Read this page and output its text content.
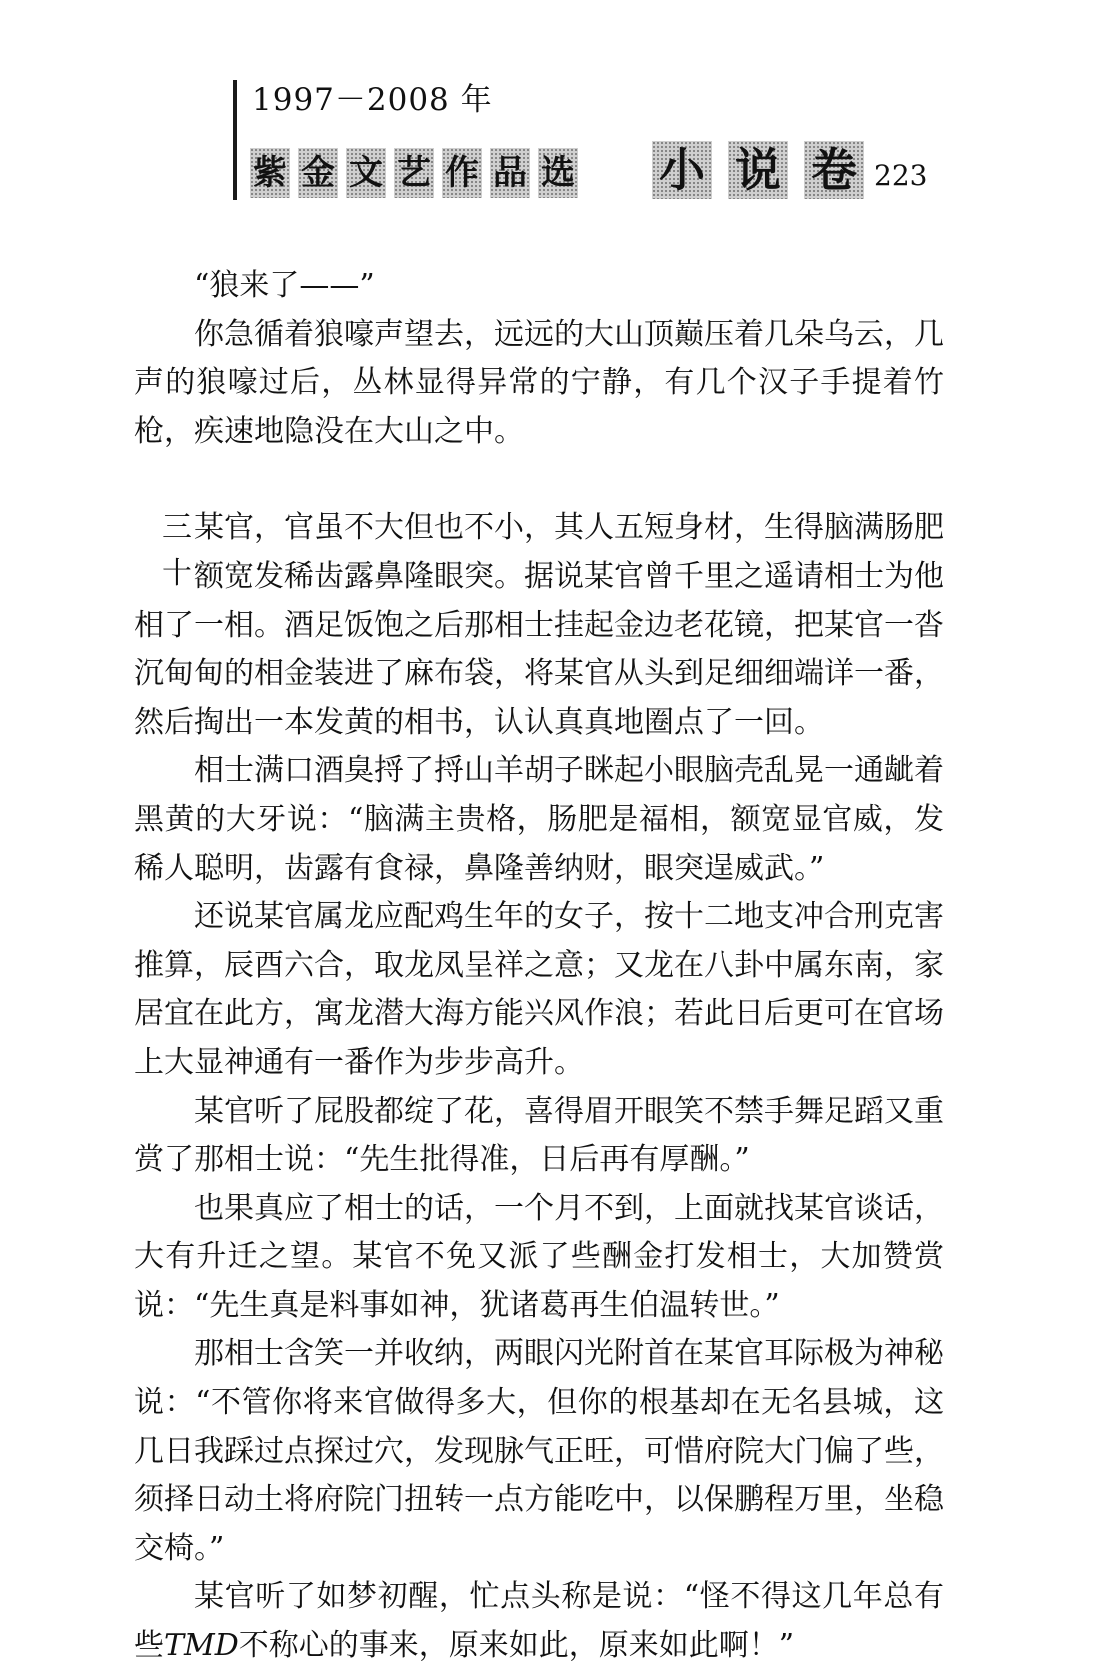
1997－2008 年
紫 金 文 艺 作 品 选 小 说 卷 223

“狼来了——”

你急循着狼嚎声望去，远远的大山顶巅压着几朵乌云，几声的狼嚎过后，丛林显得异常的宁静，有几个汉子手提着竹枪，疾速地隐没在大山之中。

三
十
某官，官虽不大但也不小，其人五短身材，生得脑满肠肥额宽发稀齿露鼻隆眼突。据说某官曾千里之遥请相士为他相了一相。酒足饭饱之后那相士挂起金边老花镜，把某官一沓沉甸甸的相金装进了麻布袋，将某官从头到足细细端详一番，然后掏出一本发黄的相书，认认真真地圈点了一回。

相士满口酒臭捋了捋山羊胡子眯起小眼脑壳乱晃一通龇着黑黄的大牙说：“脑满主贵格，肠肥是福相，额宽显官威，发稀人聪明，齿露有食禄，鼻隆善纳财，眼突逞威武。”

还说某官属龙应配鸡生年的女子，按十二地支冲合刑克害推算，辰酉六合，取龙凤呈祥之意；又龙在八卦中属东南，家居宜在此方，寓龙潜大海方能兴风作浪；若此日后更可在官场上大显神通有一番作为步步高升。

某官听了屁股都绽了花，喜得眉开眼笑不禁手舞足蹈又重赏了那相士说：“先生批得准，日后再有厚酬。”

也果真应了相士的话，一个月不到，上面就找某官谈话，大有升迁之望。某官不免又派了些酬金打发相士，大加赞赏说：“先生真是料事如神，犹诸葛再生伯温转世。”

那相士含笑一并收纳，两眼闪光附首在某官耳际极为神秘说：“不管你将来官做得多大，但你的根基却在无名县城，这几日我踩过点探过穴，发现脉气正旺，可惜府院大门偏了些，须择日动土将府院门扭转一点方能吃中，以保鹏程万里，坐稳交椅。”

某官听了如梦初醒，忙点头称是说：“怪不得这几年总有些TMD不称心的事来，原来如此，原来如此啊！”
